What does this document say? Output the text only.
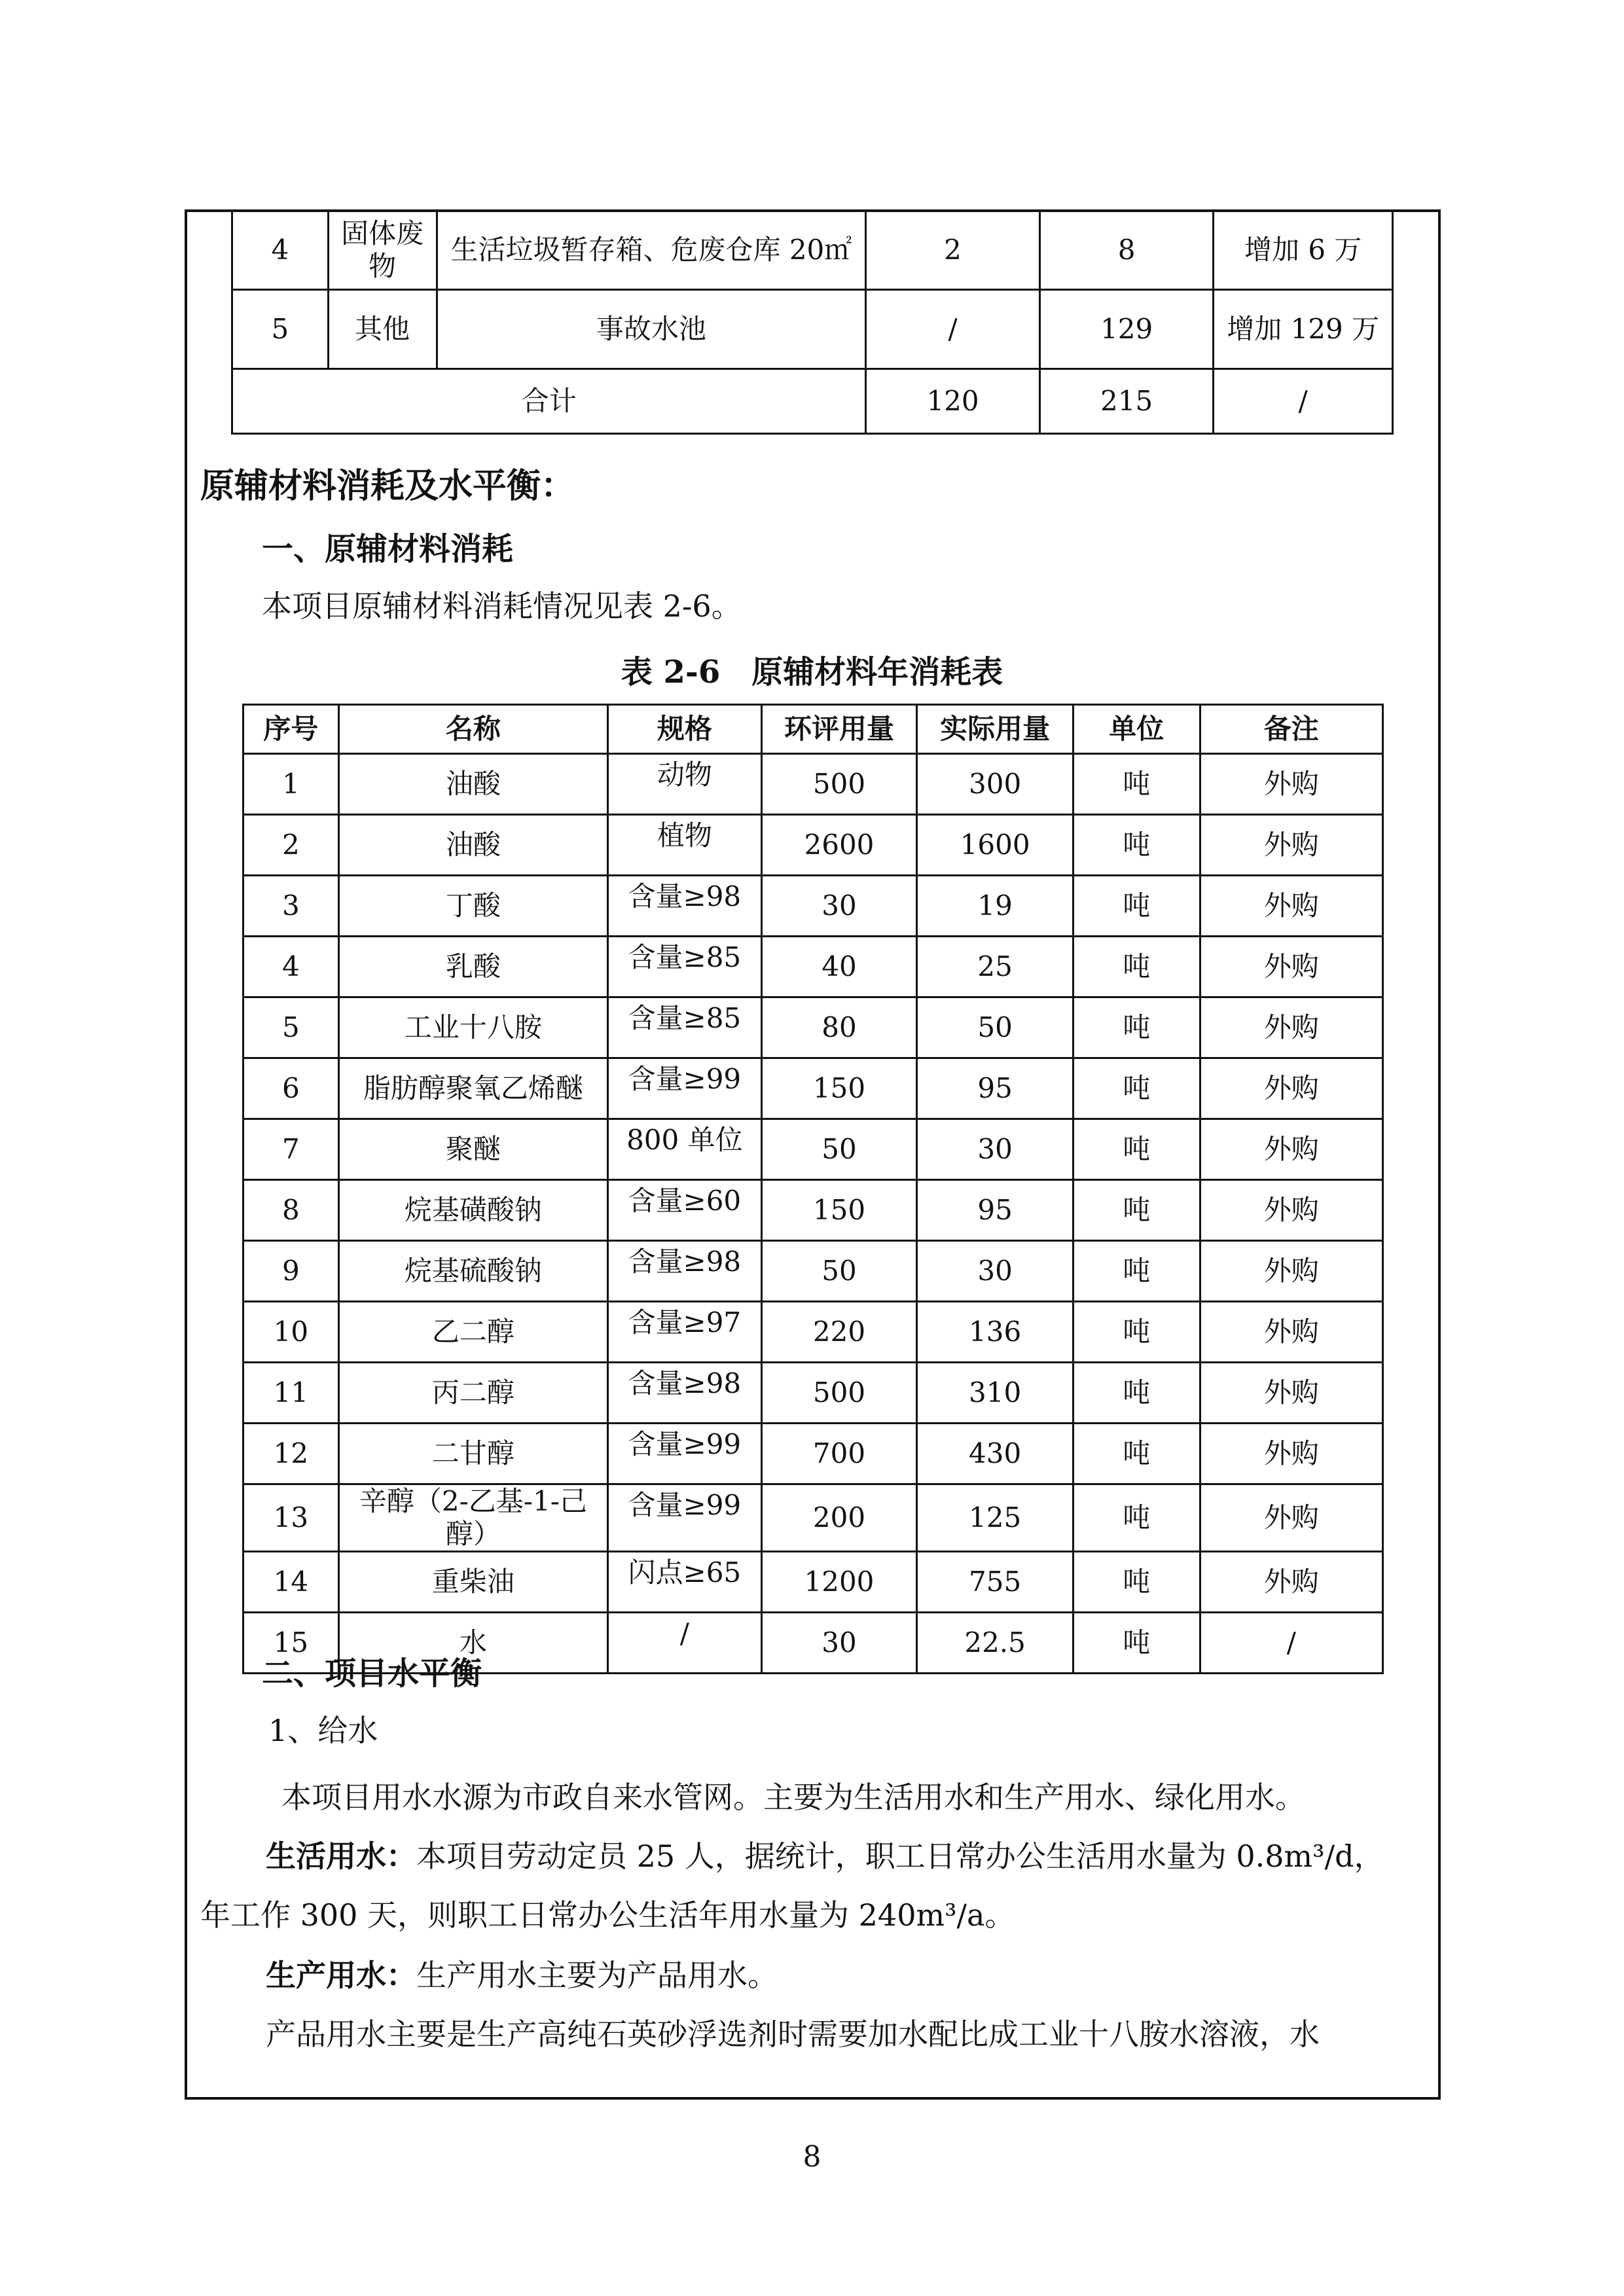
4	固体废物	生活垃圾暂存箱、危废仓库 20㎡	2	8	增加 6 万
5	其他	事故水池	/	129	增加 129 万
合计			120	215	/
原辅材料消耗及水平衡：
一、原辅材料消耗
本项目原辅材料消耗情况见表 2-6。
表 2-6　原辅材料年消耗表
序号	名称	规格	环评用量	实际用量	单位	备注
1	油酸	动物	500	300	吨	外购
2	油酸	植物	2600	1600	吨	外购
3	丁酸	含量≥98	30	19	吨	外购
4	乳酸	含量≥85	40	25	吨	外购
5	工业十八胺	含量≥85	80	50	吨	外购
6	脂肪醇聚氧乙烯醚	含量≥99	150	95	吨	外购
7	聚醚	800 单位	50	30	吨	外购
8	烷基磺酸钠	含量≥60	150	95	吨	外购
9	烷基硫酸钠	含量≥98	50	30	吨	外购
10	乙二醇	含量≥97	220	136	吨	外购
11	丙二醇	含量≥98	500	310	吨	外购
12	二甘醇	含量≥99	700	430	吨	外购
13	辛醇（2-乙基-1-己醇）	含量≥99	200	125	吨	外购
14	重柴油	闪点≥65	1200	755	吨	外购
15	水	/	30	22.5	吨	/
二、项目水平衡
1、给水
本项目用水水源为市政自来水管网。主要为生活用水和生产用水、绿化用水。
生活用水：本项目劳动定员 25 人，据统计，职工日常办公生活用水量为 0.8m³/d，
年工作 300 天，则职工日常办公生活年用水量为 240m³/a。
生产用水：生产用水主要为产品用水。
产品用水主要是生产高纯石英砂浮选剂时需要加水配比成工业十八胺水溶液，水
8
